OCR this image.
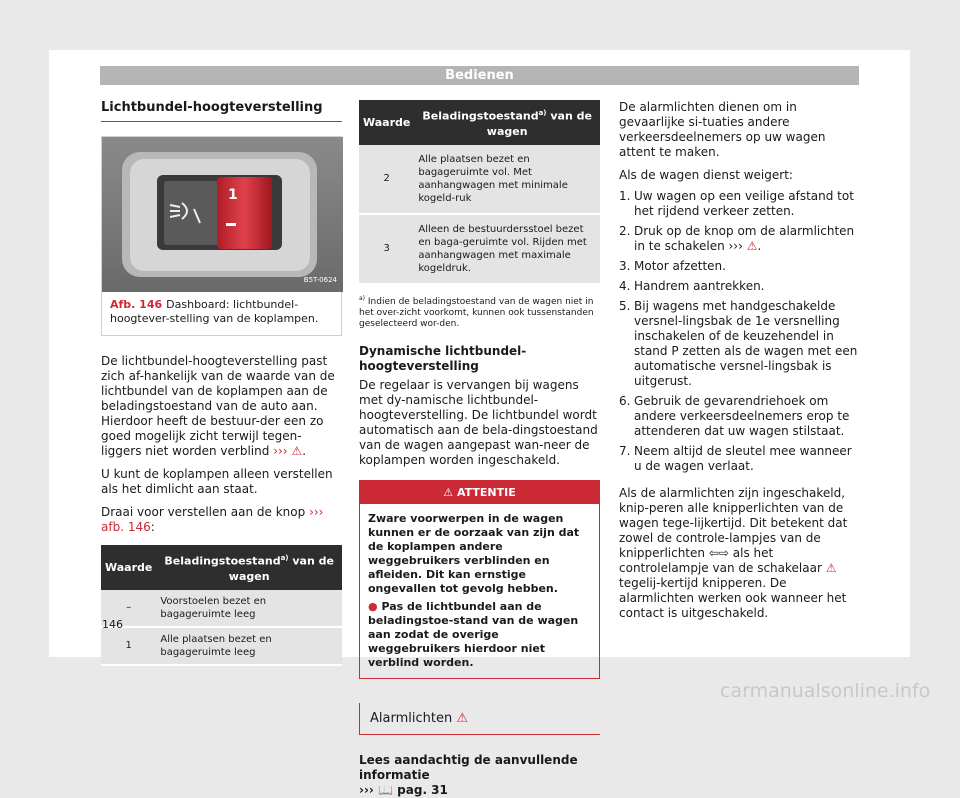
Bedienen
Lichtbundel-hoogteverstelling
1
B5T-0624
Afb. 146 Dashboard: lichtbundel-hoogtever-stelling van de koplampen.

De lichtbundel-hoogteverstelling past zich af-hankelijk van de waarde van de lichtbundel van de koplampen aan de beladingstoestand van de auto aan. Hierdoor heeft de bestuur-der een zo goed mogelijk zicht terwijl tegen-liggers niet worden verblind ››› ⚠.

U kunt de koplampen alleen verstellen als het dimlicht aan staat.

Draai voor verstellen aan de knop ››› afb. 146:

Waarde	Beladingstoestand$^{a)}$ van de wagen
–	Voorstoelen bezet en bagageruimte leeg
1	Alle plaatsen bezet en bagageruimte leeg
Waarde	Beladingstoestand$^{a)}$ van de wagen
2	Alle plaatsen bezet en bagageruimte vol. Met aanhangwagen met minimale kogeld-ruk
3	Alleen de bestuurdersstoel bezet en baga-geruimte vol. Rijden met aanhangwagen met maximale kogeldruk.
$^{a)}$ Indien de beladingstoestand van de wagen niet in het over-zicht voorkomt, kunnen ook tussenstanden geselecteerd wor-den.
Dynamische lichtbundel-hoogteverstelling

De regelaar is vervangen bij wagens met dy-namische lichtbundel-hoogteverstelling. De lichtbundel wordt automatisch aan de bela-dingstoestand van de wagen aangepast wan-neer de koplampen worden ingeschakeld.

⚠ ATTENTIE
Zware voorwerpen in de wagen kunnen er de oorzaak van zijn dat de koplampen andere weggebruikers verblinden en afleiden. Dit kan ernstige ongevallen tot gevolg hebben.
● Pas de lichtbundel aan de beladingstoe-stand van de wagen aan zodat de overige weggebruikers hierdoor niet verblind worden.
Alarmlichten ⚠
Lees aandachtig de aanvullende informatie
››› 📖 pag. 31

De alarmlichten dienen om in gevaarlijke si-tuaties andere verkeersdeelnemers op uw wagen attent te maken.

Als de wagen dienst weigert:

1. Uw wagen op een veilige afstand tot het rijdend verkeer zetten.
2. Druk op de knop om de alarmlichten in te schakelen ››› ⚠.
3. Motor afzetten.
4. Handrem aantrekken.
5. Bij wagens met handgeschakelde versnel-lingsbak de 1e versnelling inschakelen of de keuzehendel in stand P zetten als de wagen met een automatische versnel-lingsbak is uitgerust.
6. Gebruik de gevarendriehoek om andere verkeersdeelnemers erop te attenderen dat uw wagen stilstaat.
7. Neem altijd de sleutel mee wanneer u de wagen verlaat.

Als de alarmlichten zijn ingeschakeld, knip-peren alle knipperlichten van de wagen tege-lijkertijd. Dit betekent dat zowel de controle-lampjes van de knipperlichten ⇦⇨ als het controlelampje van de schakelaar ⚠ tegelij-kertijd knipperen. De alarmlichten werken ook wanneer het contact is uitgeschakeld.

146
carmanualsonline.info
